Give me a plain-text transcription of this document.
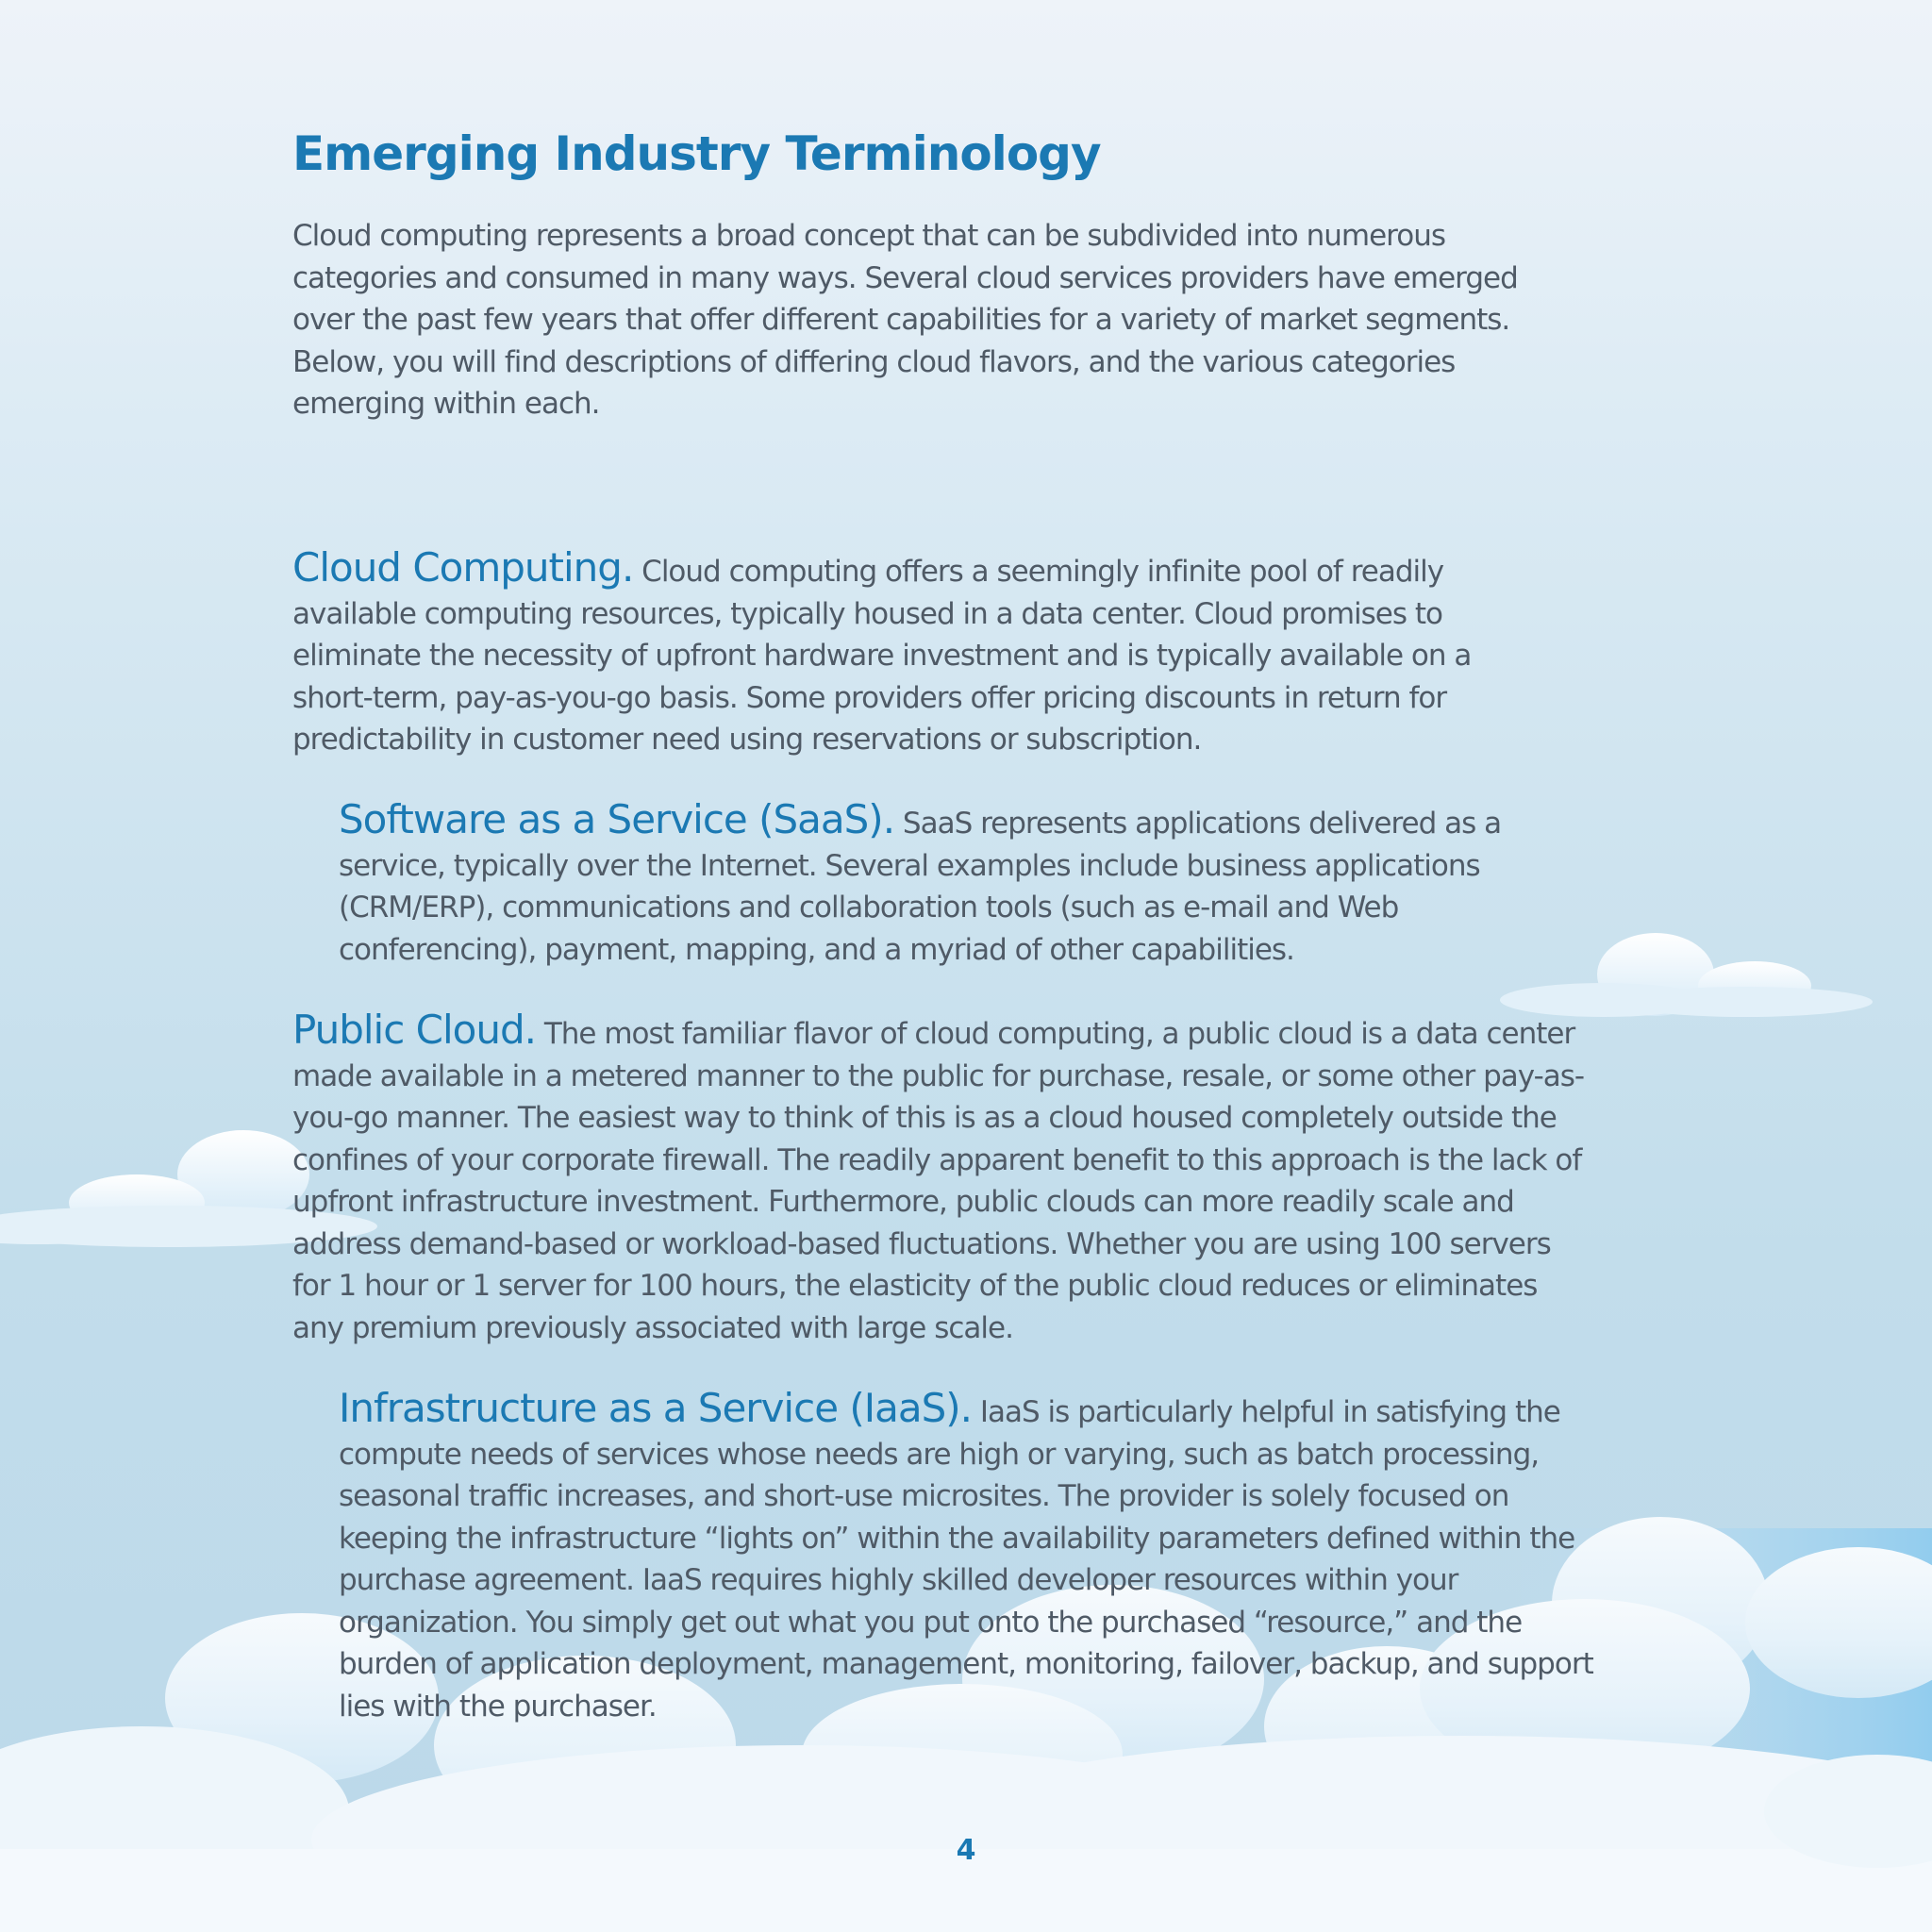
Emerging Industry Terminology

Cloud computing represents a broad concept that can be subdivided into numerous categories and consumed in many ways. Several cloud services providers have emerged over the past few years that offer different capabilities for a variety of market segments. Below, you will find descriptions of differing cloud flavors, and the various categories emerging within each.

Cloud Computing. Cloud computing offers a seemingly infinite pool of readily available computing resources, typically housed in a data center. Cloud promises to eliminate the necessity of upfront hardware investment and is typically available on a short-term, pay-as-you-go basis. Some providers offer pricing discounts in return for predictability in customer need using reservations or subscription.

Software as a Service (SaaS). SaaS represents applications delivered as a service, typically over the Internet. Several examples include business applications (CRM/ERP), communications and collaboration tools (such as e-mail and Web conferencing), payment, mapping, and a myriad of other capabilities.

Public Cloud. The most familiar flavor of cloud computing, a public cloud is a data center made available in a metered manner to the public for purchase, resale, or some other pay-as-you-go manner. The easiest way to think of this is as a cloud housed completely outside the confines of your corporate firewall. The readily apparent benefit to this approach is the lack of upfront infrastructure investment. Furthermore, public clouds can more readily scale and address demand-based or workload-based fluctuations. Whether you are using 100 servers for 1 hour or 1 server for 100 hours, the elasticity of the public cloud reduces or eliminates any premium previously associated with large scale.

Infrastructure as a Service (IaaS). IaaS is particularly helpful in satisfying the compute needs of services whose needs are high or varying, such as batch processing, seasonal traffic increases, and short-use microsites. The provider is solely focused on keeping the infrastructure “lights on” within the availability parameters defined within the purchase agreement. IaaS requires highly skilled developer resources within your organization. You simply get out what you put onto the purchased “resource,” and the burden of application deployment, management, monitoring, failover, backup, and support lies with the purchaser.

4
